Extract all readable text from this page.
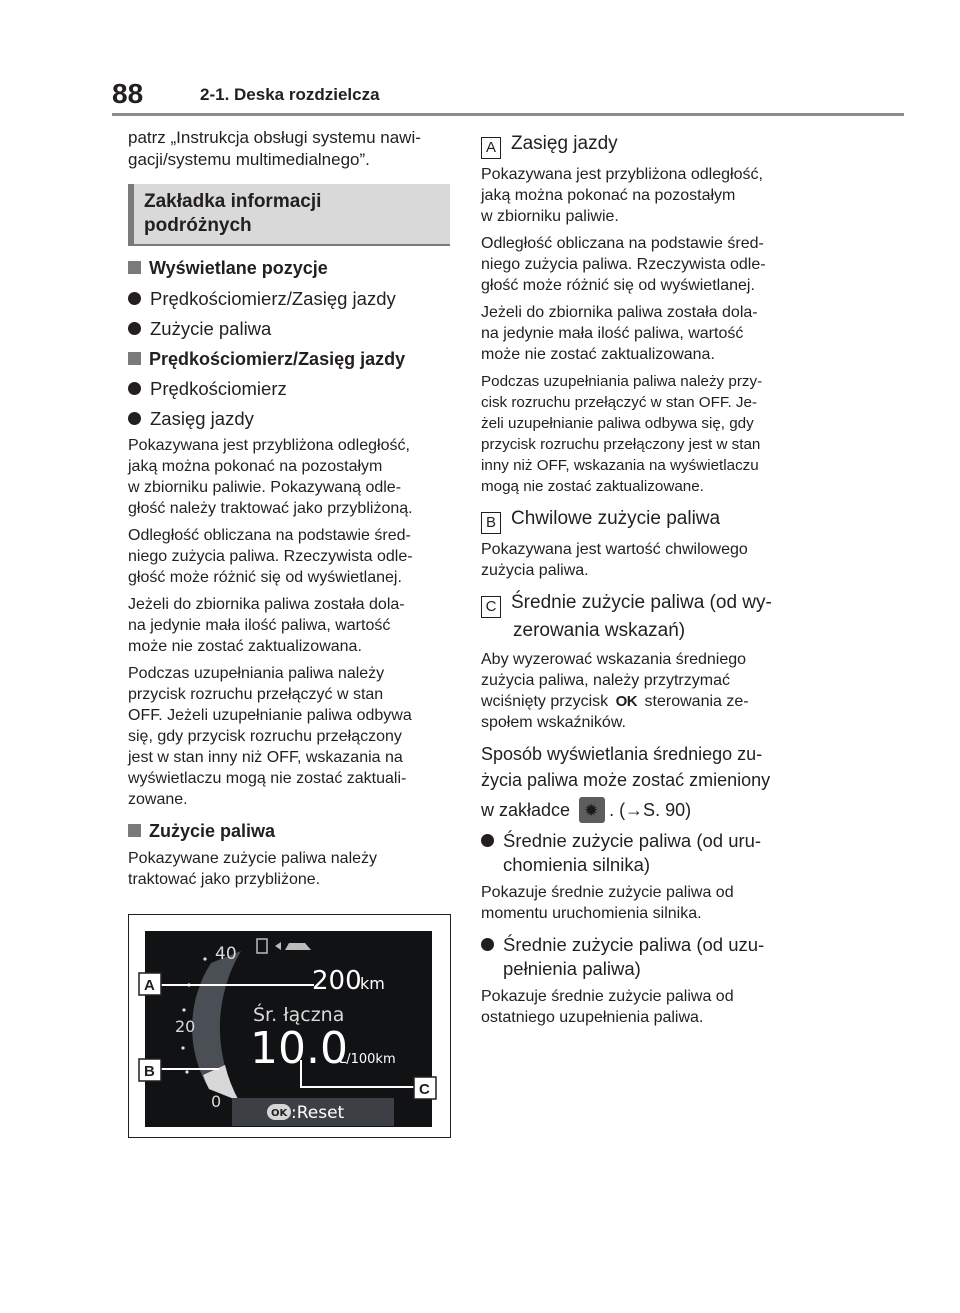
88	2-1. Deska rozdzielcza

patrz „Instrukcja obsługi systemu nawi-

gacji/systemu multimedialnego”.

Zakładka informacji
podróżnych

Wyświetlane pozycje

Prędkościomierz/Zasięg jazdy

Zużycie paliwa

Prędkościomierz/Zasięg jazdy

Prędkościomierz

Zasięg jazdy

Pokazywana jest przybliżona odległość,
jaką można pokonać na pozostałym
w zbiorniku paliwie. Pokazywaną odle-
głość należy traktować jako przybliżoną.
Odległość obliczana na podstawie śred-
niego zużycia paliwa. Rzeczywista odle-
głość może różnić się od wyświetlanej.
Jeżeli do zbiornika paliwa została dola-
na jedynie mała ilość paliwa, wartość
może nie zostać zaktualizowana.
Podczas uzupełniania paliwa należy
przycisk rozruchu przełączyć w stan
OFF. Jeżeli uzupełnianie paliwa odbywa
się, gdy przycisk rozruchu przełączony
jest w stan inny niż OFF, wskazania na
wyświetlaczu mogą nie zostać zaktuali-
zowane.

Zużycie paliwa

Pokazywane zużycie paliwa należy
traktować jako przybliżone.
40
20
0
200
km
Śr. łączna
10.0
L/100km
OK :Reset
A
B
C

A Zasięg jazdy

Pokazywana jest przybliżona odległość,
jaką można pokonać na pozostałym
w zbiorniku paliwie.
Odległość obliczana na podstawie śred-
niego zużycia paliwa. Rzeczywista odle-
głość może różnić się od wyświetlanej.
Jeżeli do zbiornika paliwa została dola-
na jedynie mała ilość paliwa, wartość
może nie zostać zaktualizowana.
Podczas uzupełniania paliwa należy przy-
cisk rozruchu przełączyć w stan OFF. Je-
żeli uzupełnianie paliwa odbywa się, gdy
przycisk rozruchu przełączony jest w stan
inny niż OFF, wskazania na wyświetlaczu
mogą nie zostać zaktualizowane.

B Chwilowe zużycie paliwa

Pokazywana jest wartość chwilowego
zużycia paliwa.
C Średnie zużycie paliwa (od wy-
zerowania wskazań)
Aby wyzerować wskazania średniego
zużycia paliwa, należy przytrzymać
wciśnięty przycisk OK sterowania ze-
społem wskaźników.
Sposób wyświetlania średniego zu-
życia paliwa może zostać zmieniony
w zakładce ✹ . (→S. 90)
Średnie zużycie paliwa (od uru-
chomienia silnika)
Pokazuje średnie zużycie paliwa od
momentu uruchomienia silnika.
Średnie zużycie paliwa (od uzu-
pełnienia paliwa)
Pokazuje średnie zużycie paliwa od
ostatniego uzupełnienia paliwa.
